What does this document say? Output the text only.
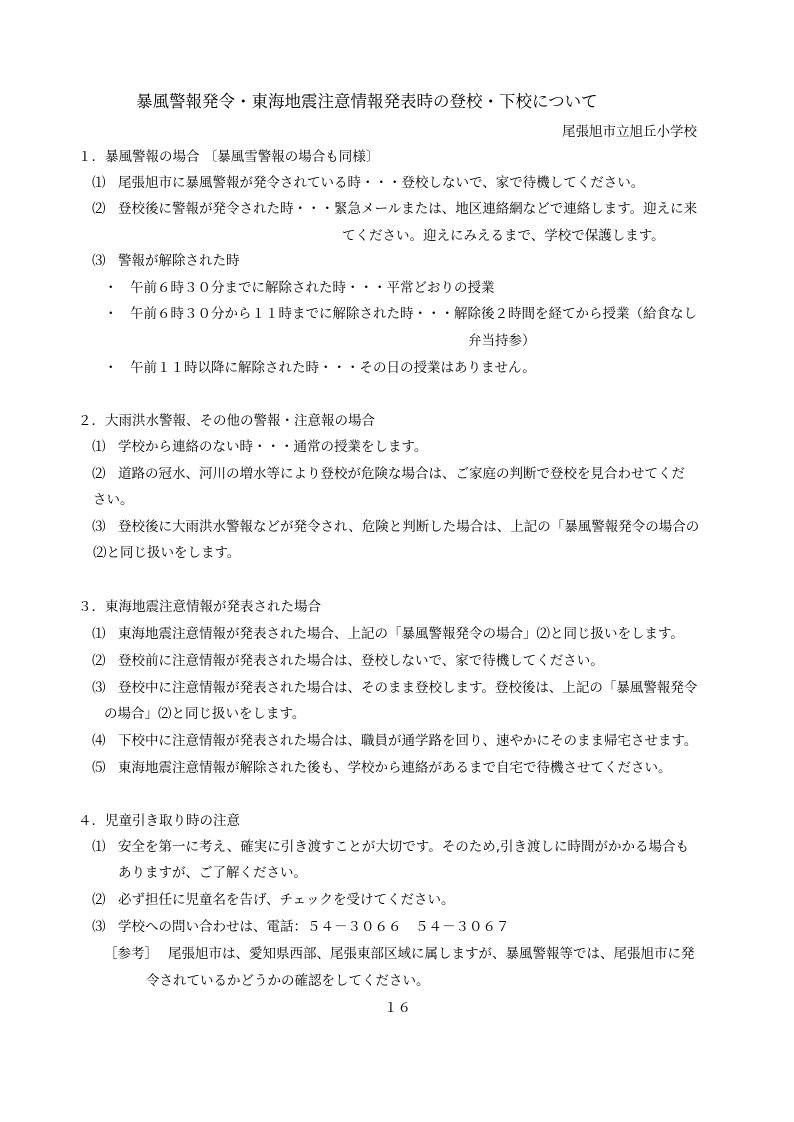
暴風警報発令・東海地震注意情報発表時の登校・下校について
尾張旭市立旭丘小学校
１．暴風警報の場合 〔暴風雪警報の場合も同様〕
⑴ 尾張旭市に暴風警報が発令されている時・・・登校しないで、家で待機してください。
⑵ 登校後に警報が発令された時・・・緊急メールまたは、地区連絡網などで連絡します。迎えに来
てください。迎えにみえるまで、学校で保護します。
⑶ 警報が解除された時
・ 午前６時３０分までに解除された時・・・平常どおりの授業
・ 午前６時３０分から１１時までに解除された時・・・解除後２時間を経てから授業（給食なし
弁当持参）
・ 午前１１時以降に解除された時・・・その日の授業はありません。
２．大雨洪水警報、その他の警報・注意報の場合
⑴ 学校から連絡のない時・・・通常の授業をします。
⑵ 道路の冠水、河川の増水等により登校が危険な場合は、ご家庭の判断で登校を見合わせてくだ
さい。
⑶ 登校後に大雨洪水警報などが発令され、危険と判断した場合は、上記の「暴風警報発令の場合の
⑵と同じ扱いをします。
３．東海地震注意情報が発表された場合
⑴ 東海地震注意情報が発表された場合、上記の「暴風警報発令の場合」⑵と同じ扱いをします。
⑵ 登校前に注意情報が発表された場合は、登校しないで、家で待機してください。
⑶ 登校中に注意情報が発表された場合は、そのまま登校します。登校後は、上記の「暴風警報発令
の場合」⑵と同じ扱いをします。
⑷ 下校中に注意情報が発表された場合は、職員が通学路を回り、速やかにそのまま帰宅させます。
⑸ 東海地震注意情報が解除された後も、学校から連絡があるまで自宅で待機させてください。
４．児童引き取り時の注意
⑴ 安全を第一に考え、確実に引き渡すことが大切です。そのため,引き渡しに時間がかかる場合も
ありますが、ご了解ください。
⑵ 必ず担任に児童名を告げ、チェックを受けてください。
⑶ 学校への問い合わせは、電話：５４－３０６６　５４－３０６７
［参考］ 尾張旭市は、愛知県西部、尾張東部区域に属しますが、暴風警報等では、尾張旭市に発
令されているかどうかの確認をしてください。
１６
